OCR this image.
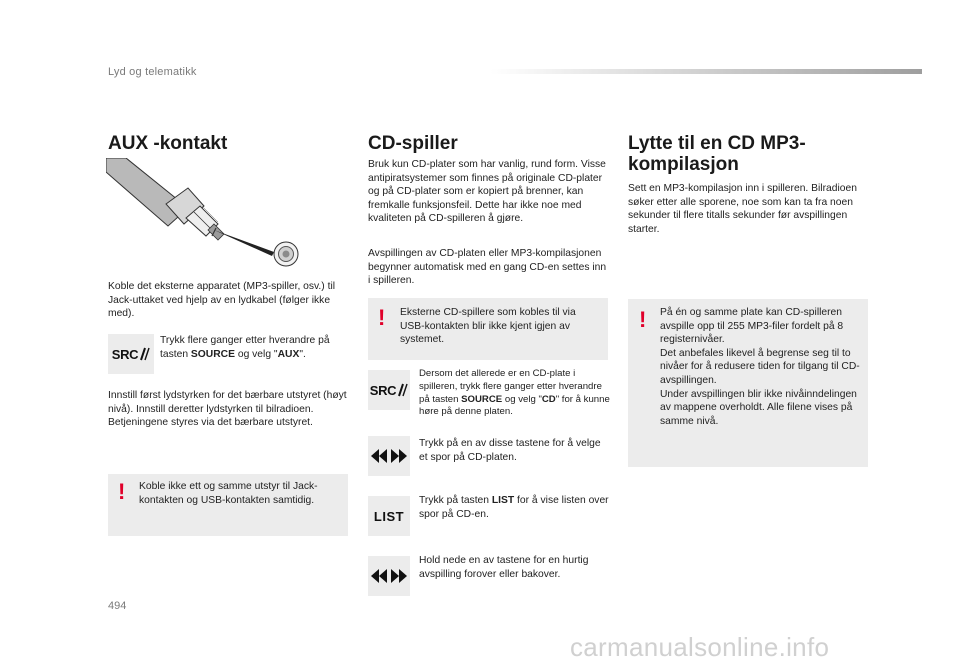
Lyd og telematikk
AUX -kontakt
Koble det eksterne apparatet (MP3-spiller, osv.) til Jack-uttaket ved hjelp av en lydkabel (følger ikke med).
SRC
Trykk flere ganger etter hverandre på tasten SOURCE og velg "AUX".
Innstill først lydstyrken for det bærbare utstyret (høyt nivå). Innstill deretter lydstyrken til bilradioen. Betjeningene styres via det bærbare utstyret.
! Koble ikke ett og samme utstyr til Jack-kontakten og USB-kontakten samtidig.
CD-spiller
Bruk kun CD-plater som har vanlig, rund form. Visse antipiratsystemer som finnes på originale CD-plater og på CD-plater som er kopiert på brenner, kan fremkalle funksjonsfeil. Dette har ikke noe med kvaliteten på CD-spilleren å gjøre.
Avspillingen av CD-platen eller MP3-kompilasjonen begynner automatisk med en gang CD-en settes inn i spilleren.
! Eksterne CD-spillere som kobles til via USB-kontakten blir ikke kjent igjen av systemet.
SRC
Dersom det allerede er en CD-plate i spilleren, trykk flere ganger etter hverandre på tasten SOURCE og velg "CD" for å kunne høre på denne platen.
Trykk på en av disse tastene for å velge et spor på CD-platen.
LIST
Trykk på tasten LIST for å vise listen over spor på CD-en.
Hold nede en av tastene for en hurtig avspilling forover eller bakover.
Lytte til en CD MP3-
kompilasjon
Sett en MP3-kompilasjon inn i spilleren. Bilradioen søker etter alle sporene, noe som kan ta fra noen sekunder til flere titalls sekunder før avspillingen starter.
! På én og samme plate kan CD-spilleren avspille opp til 255 MP3-filer fordelt på 8 registernivåer.
Det anbefales likevel å begrense seg til to nivåer for å redusere tiden for tilgang til CD-avspillingen.
Under avspillingen blir ikke nivåinndelingen av mappene overholdt. Alle filene vises på samme nivå.
494
carmanualsonline.info
